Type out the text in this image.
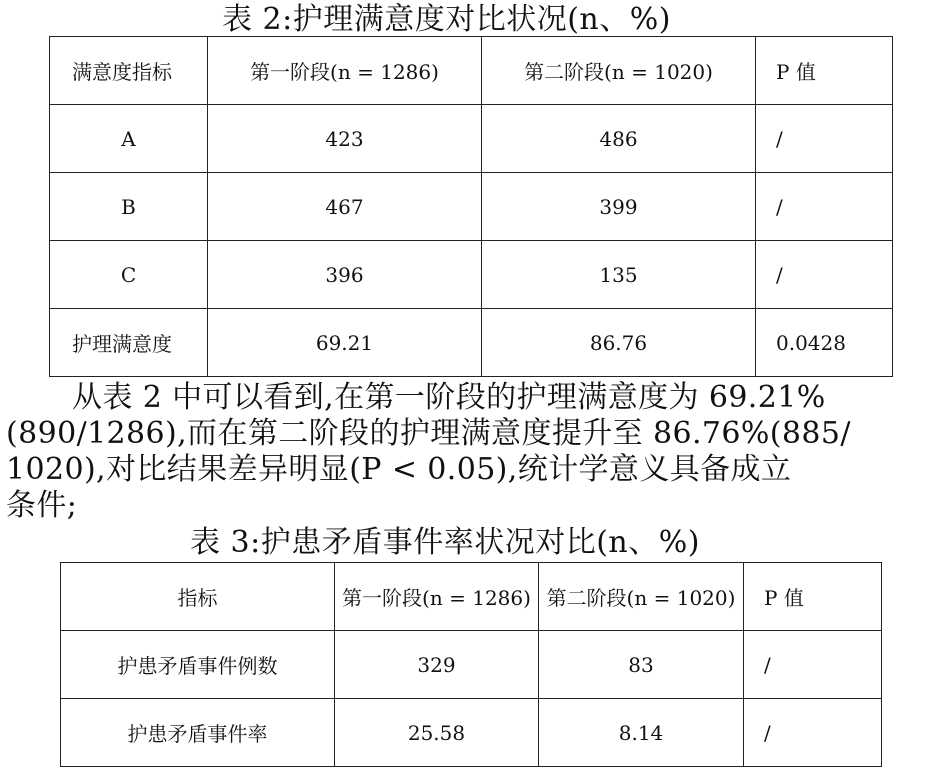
表 2:护理满意度对比状况(n、%)
满意度指标	第一阶段(n = 1286)	第二阶段(n = 1020)	P 值
A	423	486	/
B	467	399	/
C	396	135	/
护理满意度	69.21	86.76	0.0428
从表 2 中可以看到,在第一阶段的护理满意度为 69.21%
(890/1286),而在第二阶段的护理满意度提升至 86.76%(885/
1020),对比结果差异明显(P < 0.05),统计学意义具备成立
条件;
表 3:护患矛盾事件率状况对比(n、%)
指标	第一阶段(n = 1286)	第二阶段(n = 1020)	P 值
护患矛盾事件例数	329	83	/
护患矛盾事件率	25.58	8.14	/
